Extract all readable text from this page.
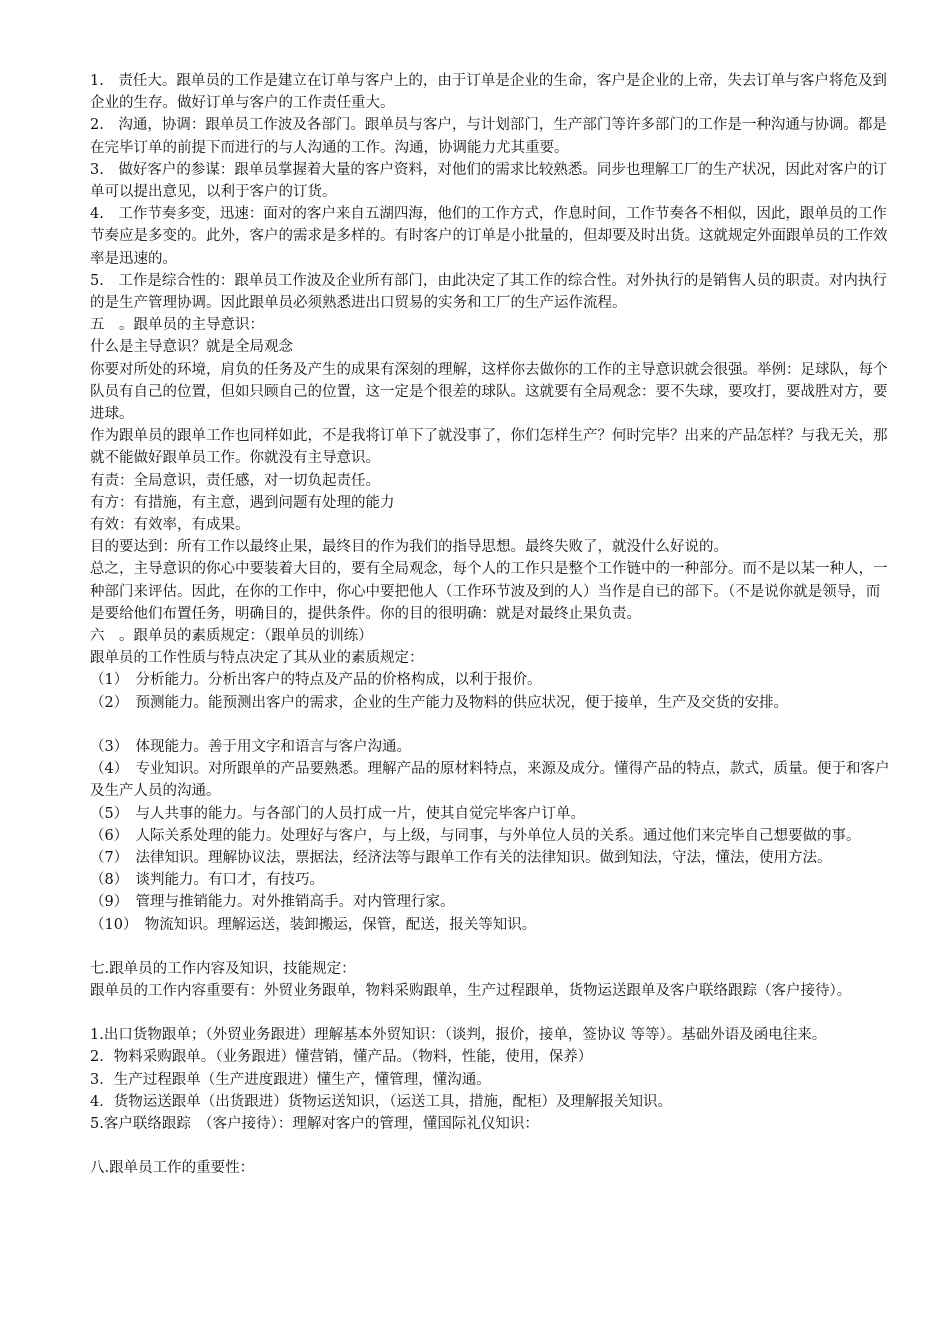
1.　责任大。跟单员的工作是建立在订单与客户上的，由于订单是企业的生命，客户是企业的上帝，失去订单与客户将危及到企业的生存。做好订单与客户的工作责任重大。

2.　沟通，协调：跟单员工作波及各部门。跟单员与客户，与计划部门，生产部门等许多部门的工作是一种沟通与协调。都是在完毕订单的前提下而进行的与人沟通的工作。沟通，协调能力尤其重要。

3.　做好客户的参谋：跟单员掌握着大量的客户资料，对他们的需求比较熟悉。同步也理解工厂的生产状况，因此对客户的订单可以提出意见，以利于客户的订货。

4.　工作节奏多变，迅速：面对的客户来自五湖四海，他们的工作方式，作息时间，工作节奏各不相似，因此，跟单员的工作节奏应是多变的。此外，客户的需求是多样的。有时客户的订单是小批量的，但却要及时出货。这就规定外面跟单员的工作效率是迅速的。

5.　工作是综合性的：跟单员工作波及企业所有部门，由此决定了其工作的综合性。对外执行的是销售人员的职责。对内执行的是生产管理协调。因此跟单员必须熟悉进出口贸易的实务和工厂的生产运作流程。

五　。跟单员的主导意识：

什么是主导意识？就是全局观念

你要对所处的环境，肩负的任务及产生的成果有深刻的理解，这样你去做你的工作的主导意识就会很强。举例：足球队，每个队员有自己的位置，但如只顾自己的位置，这一定是个很差的球队。这就要有全局观念：要不失球，要攻打，要战胜对方，要进球。

作为跟单员的跟单工作也同样如此，不是我将订单下了就没事了，你们怎样生产？何时完毕？出来的产品怎样？与我无关，那就不能做好跟单员工作。你就没有主导意识。

有责：全局意识，责任感，对一切负起责任。

有方：有措施，有主意，遇到问题有处理的能力

有效：有效率，有成果。

目的要达到：所有工作以最终止果，最终目的作为我们的指导思想。最终失败了，就没什么好说的。

总之，主导意识的你心中要装着大目的，要有全局观念，每个人的工作只是整个工作链中的一种部分。而不是以某一种人，一种部门来评估。因此，在你的工作中，你心中要把他人（工作环节波及到的人）当作是自已的部下。（不是说你就是领导，而是要给他们布置任务，明确目的，提供条件。你的目的很明确：就是对最终止果负责。

六　。跟单员的素质规定：（跟单员的训练）

跟单员的工作性质与特点决定了其从业的素质规定：

（1）　分析能力。分析出客户的特点及产品的价格构成，以利于报价。

（2）　预测能力。能预测出客户的需求，企业的生产能力及物料的供应状况，便于接单，生产及交货的安排。

（3）　体现能力。善于用文字和语言与客户沟通。

（4）　专业知识。对所跟单的产品要熟悉。理解产品的原材料特点，来源及成分。懂得产品的特点，款式，质量。便于和客户及生产人员的沟通。

（5）　与人共事的能力。与各部门的人员打成一片，使其自觉完毕客户订单。

（6）　人际关系处理的能力。处理好与客户，与上级，与同事，与外单位人员的关系。通过他们来完毕自己想要做的事。

（7）　法律知识。理解协议法，票据法，经济法等与跟单工作有关的法律知识。做到知法，守法，懂法，使用方法。

（8）　谈判能力。有口才，有技巧。

（9）　管理与推销能力。对外推销高手。对内管理行家。

（10）　物流知识。理解运送，装卸搬运，保管，配送，报关等知识。

七.跟单员的工作内容及知识，技能规定：

跟单员的工作内容重要有：外贸业务跟单，物料采购跟单，生产过程跟单，货物运送跟单及客户联络跟踪（客户接待）。

1.出口货物跟单；（外贸业务跟进）理解基本外贸知识：（谈判，报价，接单，签协议 等等）。基础外语及函电往来。

2．物料采购跟单。（业务跟进）懂营销，懂产品。（物料，性能，使用，保养）

3．生产过程跟单（生产进度跟进）懂生产，懂管理，懂沟通。

4．货物运送跟单（出货跟进）货物运送知识，（运送工具，措施，配柜）及理解报关知识。

5.客户联络跟踪　（客户接待）：理解对客户的管理，懂国际礼仪知识：

八.跟单员工作的重要性：
